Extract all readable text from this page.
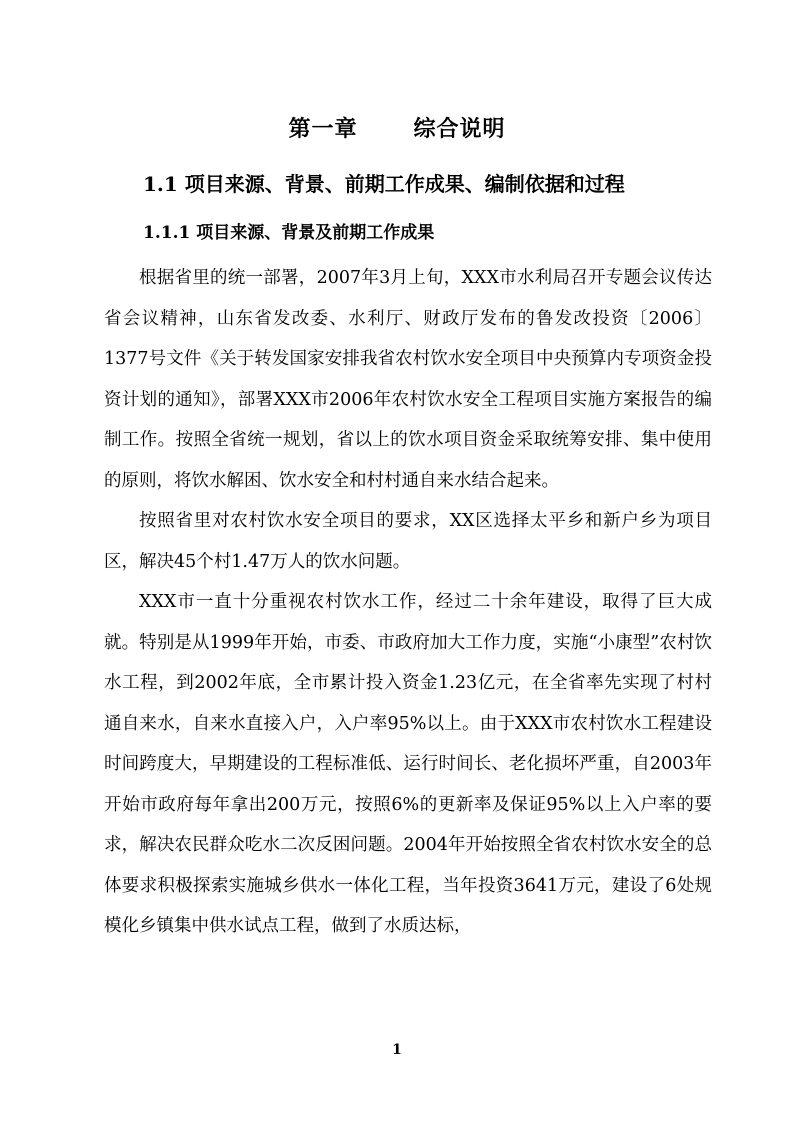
第一章   综合说明
1.1 项目来源、背景、前期工作成果、编制依据和过程
1.1.1 项目来源、背景及前期工作成果

根据省里的统一部署，2007年3月上旬，XXX市水利局召开专题会议传达省会议精神，山东省发改委、水利厅、财政厅发布的鲁发改投资〔2006〕1377号文件《关于转发国家安排我省农村饮水安全项目中央预算内专项资金投资计划的通知》，部署XXX市2006年农村饮水安全工程项目实施方案报告的编制工作。按照全省统一规划，省以上的饮水项目资金采取统筹安排、集中使用的原则，将饮水解困、饮水安全和村村通自来水结合起来。

按照省里对农村饮水安全项目的要求，XX区选择太平乡和新户乡为项目区，解决45个村1.47万人的饮水问题。

XXX市一直十分重视农村饮水工作，经过二十余年建设，取得了巨大成就。特别是从1999年开始，市委、市政府加大工作力度，实施“小康型”农村饮水工程，到2002年底，全市累计投入资金1.23亿元，在全省率先实现了村村通自来水，自来水直接入户，入户率95%以上。由于XXX市农村饮水工程建设时间跨度大，早期建设的工程标准低、运行时间长、老化损坏严重，自2003年开始市政府每年拿出200万元，按照6%的更新率及保证95%以上入户率的要求，解决农民群众吃水二次反困问题。2004年开始按照全省农村饮水安全的总体要求积极探索实施城乡供水一体化工程，当年投资3641万元，建设了6处规模化乡镇集中供水试点工程，做到了水质达标，

1
